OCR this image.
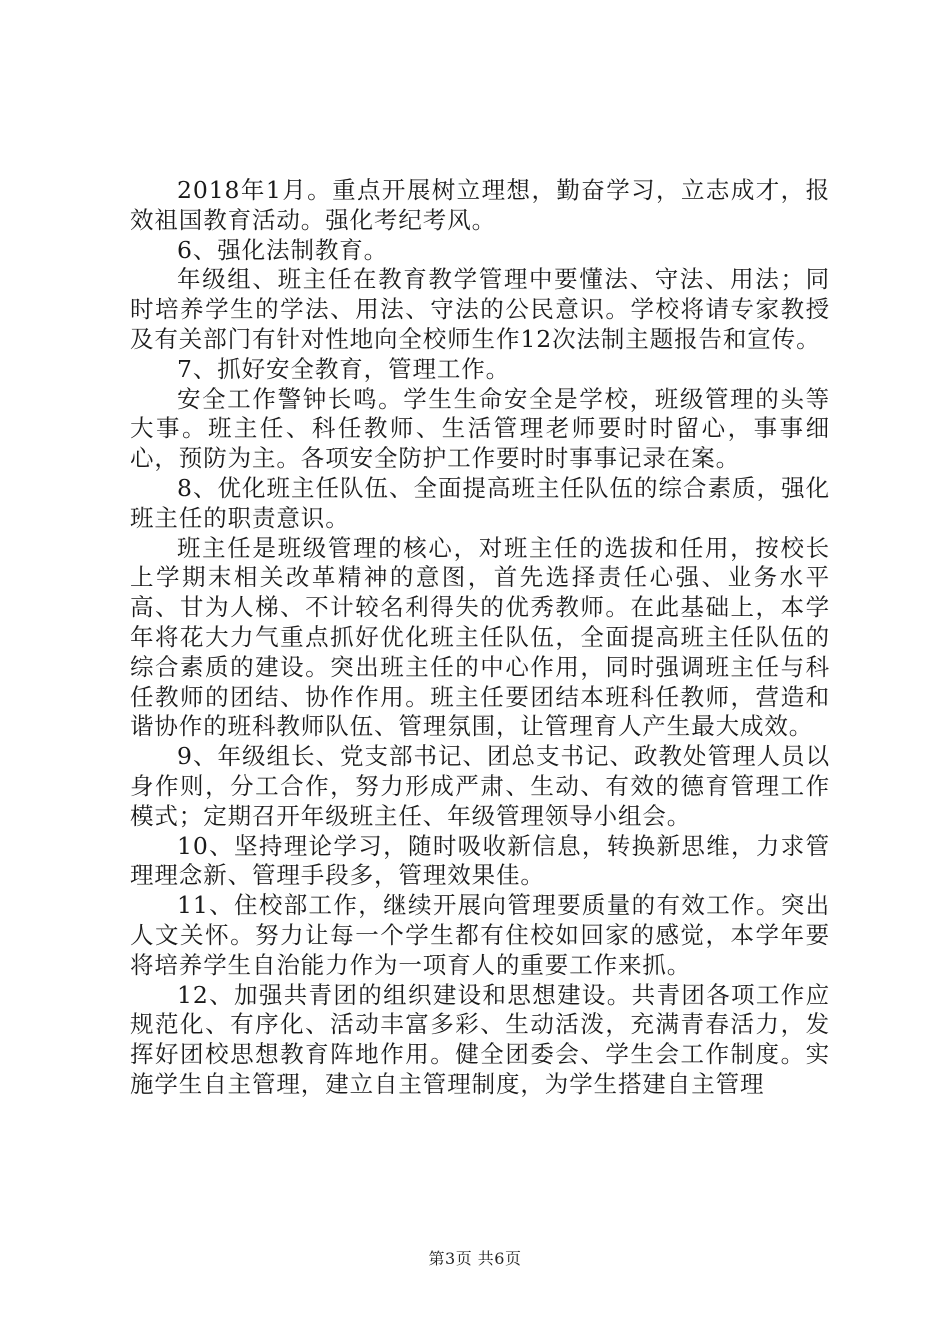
2018年1月。重点开展树立理想，勤奋学习，立志成才，报效祖国教育活动。强化考纪考风。

6、强化法制教育。

年级组、班主任在教育教学管理中要懂法、守法、用法；同时培养学生的学法、用法、守法的公民意识。学校将请专家教授及有关部门有针对性地向全校师生作12次法制主题报告和宣传。

7、抓好安全教育，管理工作。

安全工作警钟长鸣。学生生命安全是学校，班级管理的头等大事。班主任、科任教师、生活管理老师要时时留心，事事细心，预防为主。各项安全防护工作要时时事事记录在案。

8、优化班主任队伍、全面提高班主任队伍的综合素质，强化班主任的职责意识。

班主任是班级管理的核心，对班主任的选拔和任用，按校长上学期末相关改革精神的意图，首先选择责任心强、业务水平高、甘为人梯、不计较名利得失的优秀教师。在此基础上，本学年将花大力气重点抓好优化班主任队伍，全面提高班主任队伍的综合素质的建设。突出班主任的中心作用，同时强调班主任与科任教师的团结、协作作用。班主任要团结本班科任教师，营造和谐协作的班科教师队伍、管理氛围，让管理育人产生最大成效。

9、年级组长、党支部书记、团总支书记、政教处管理人员以身作则，分工合作，努力形成严肃、生动、有效的德育管理工作模式；定期召开年级班主任、年级管理领导小组会。

10、坚持理论学习，随时吸收新信息，转换新思维，力求管理理念新、管理手段多，管理效果佳。

11、住校部工作，继续开展向管理要质量的有效工作。突出人文关怀。努力让每一个学生都有住校如回家的感觉，本学年要将培养学生自治能力作为一项育人的重要工作来抓。

12、加强共青团的组织建设和思想建设。共青团各项工作应规范化、有序化、活动丰富多彩、生动活泼，充满青春活力，发挥好团校思想教育阵地作用。健全团委会、学生会工作制度。实施学生自主管理，建立自主管理制度，为学生搭建自主管理

第3页 共6页
